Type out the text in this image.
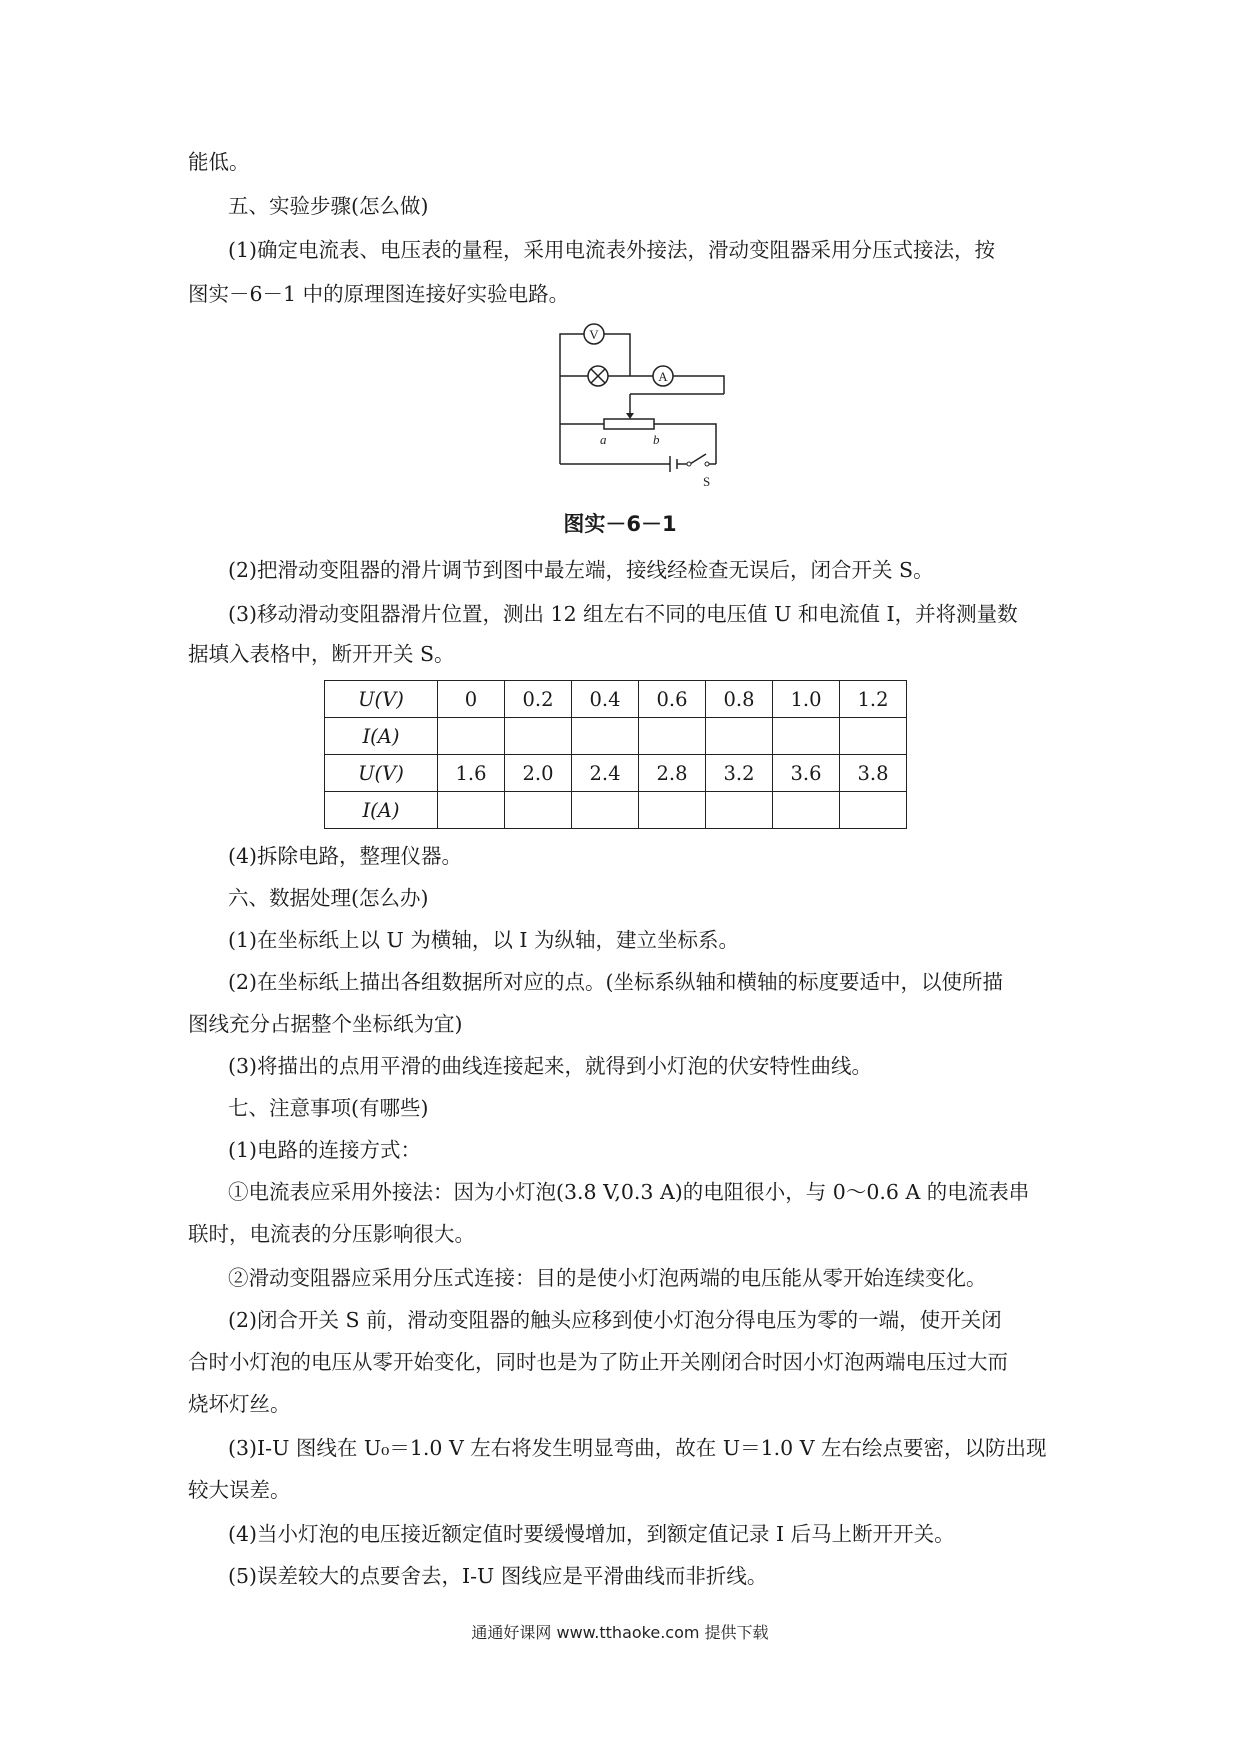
能低。
五、实验步骤(怎么做)
(1)确定电流表、电压表的量程，采用电流表外接法，滑动变阻器采用分压式接法，按
图实－6－1 中的原理图连接好实验电路。
V
A
a	b
S
图实－6－1
(2)把滑动变阻器的滑片调节到图中最左端，接线经检查无误后，闭合开关 S。
(3)移动滑动变阻器滑片位置，测出 12 组左右不同的电压值 U 和电流值 I，并将测量数
据填入表格中，断开开关 S。
U(V)	0	0.2	0.4	0.6	0.8	1.0	1.2
I(A)							
U(V)	1.6	2.0	2.4	2.8	3.2	3.6	3.8
I(A)							
(4)拆除电路，整理仪器。
六、数据处理(怎么办)
(1)在坐标纸上以 U 为横轴，以 I 为纵轴，建立坐标系。
(2)在坐标纸上描出各组数据所对应的点。(坐标系纵轴和横轴的标度要适中，以使所描
图线充分占据整个坐标纸为宜)
(3)将描出的点用平滑的曲线连接起来，就得到小灯泡的伏安特性曲线。
七、注意事项(有哪些)
(1)电路的连接方式：
①电流表应采用外接法：因为小灯泡(3.8 V,0.3 A)的电阻很小，与 0～0.6 A 的电流表串
联时，电流表的分压影响很大。
②滑动变阻器应采用分压式连接：目的是使小灯泡两端的电压能从零开始连续变化。
(2)闭合开关 S 前，滑动变阻器的触头应移到使小灯泡分得电压为零的一端，使开关闭
合时小灯泡的电压从零开始变化，同时也是为了防止开关刚闭合时因小灯泡两端电压过大而
烧坏灯丝。
(3)I-U 图线在 U₀＝1.0 V 左右将发生明显弯曲，故在 U＝1.0 V 左右绘点要密，以防出现
较大误差。
(4)当小灯泡的电压接近额定值时要缓慢增加，到额定值记录 I 后马上断开开关。
(5)误差较大的点要舍去，I-U 图线应是平滑曲线而非折线。
通通好课网 www.tthaoke.com 提供下载
